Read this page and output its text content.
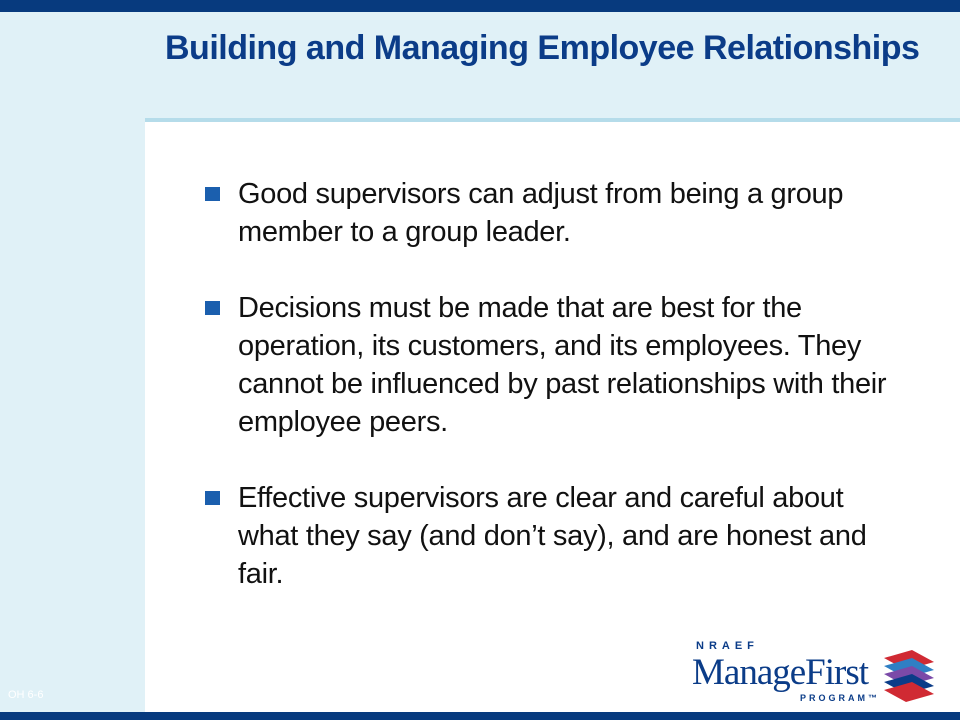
Building and Managing Employee Relationships
Good supervisors can adjust from being a group member to a group leader.
Decisions must be made that are best for the operation, its customers, and its employees. They cannot be influenced by past relationships with their employee peers.
Effective supervisors are clear and careful about what they say (and don’t say), and are honest and fair.
OH 6-6
NRAEF
ManageFirst
PROGRAM™
